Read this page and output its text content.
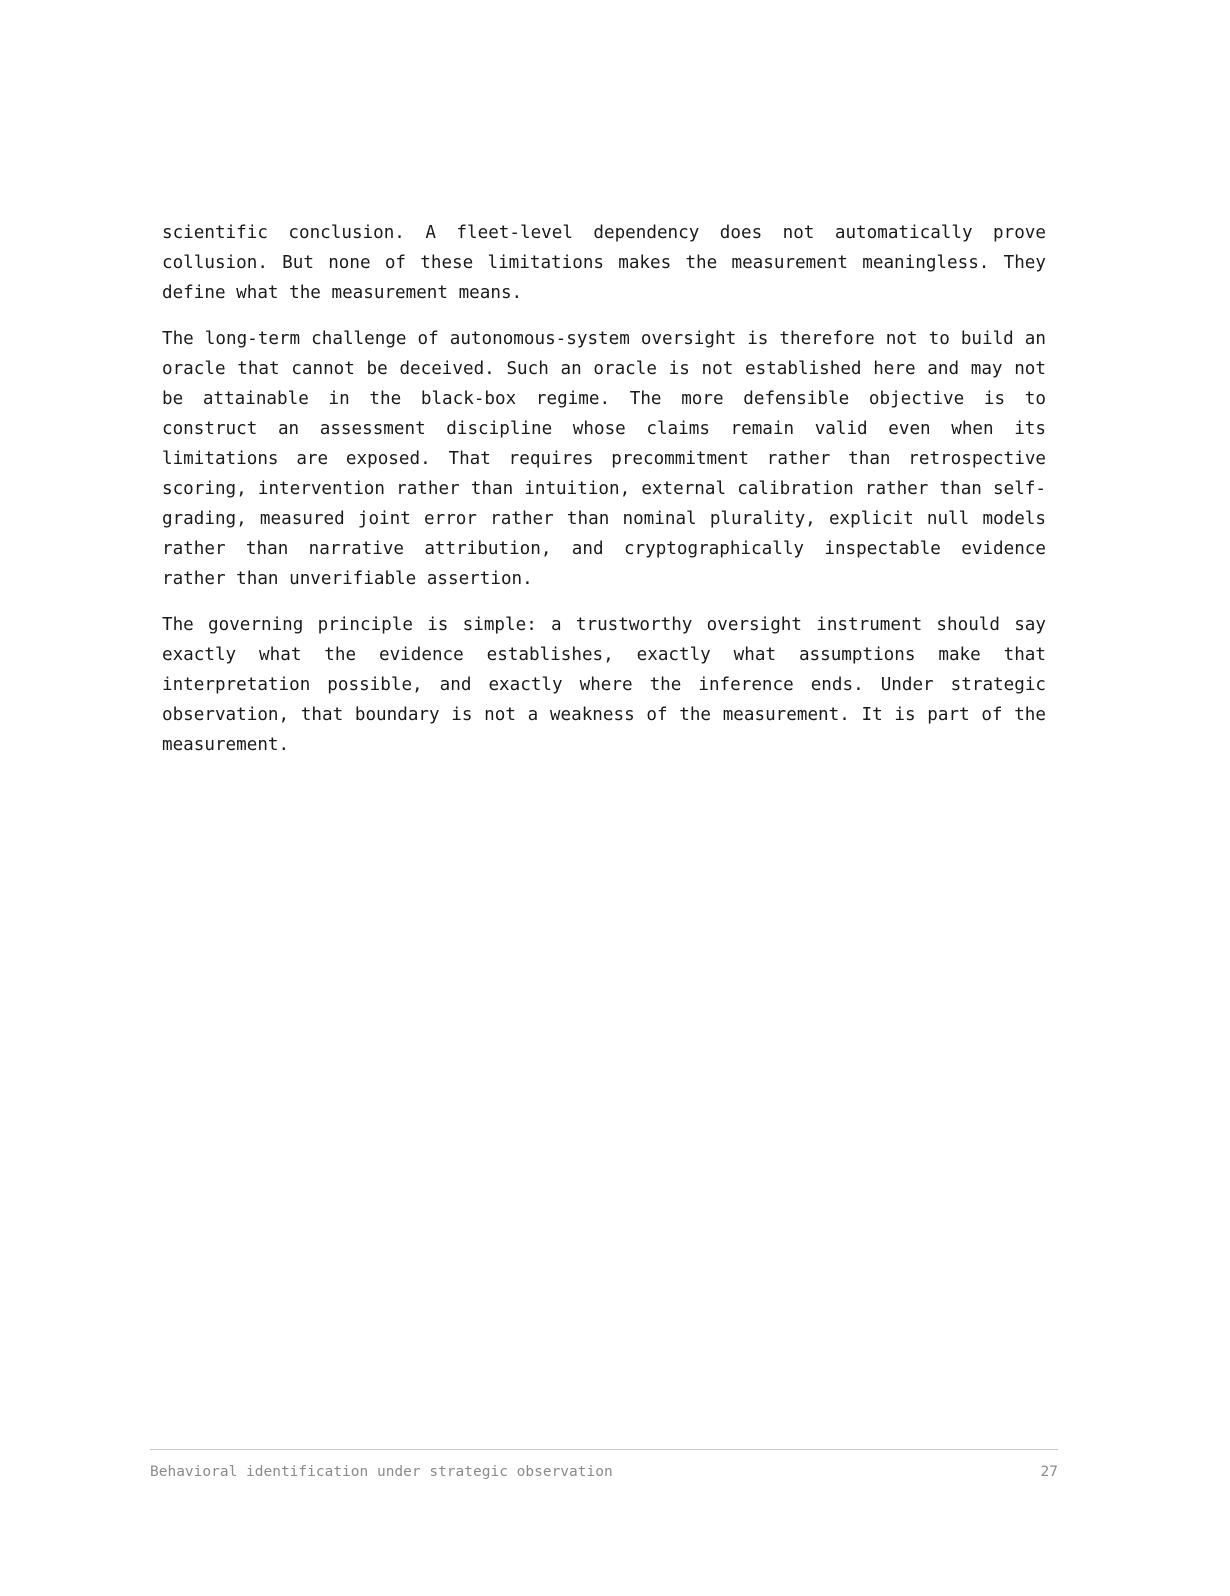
scientific conclusion. A fleet-level dependency does not automatically prove collusion. But none of these limitations makes the measurement meaningless. They define what the measurement means.

The long-term challenge of autonomous-system oversight is therefore not to build an oracle that cannot be deceived. Such an oracle is not established here and may not be attainable in the black-box regime. The more defensible objective is to construct an assessment discipline whose claims remain valid even when its limitations are exposed. That requires precommitment rather than retrospective scoring, intervention rather than intuition, external calibration rather than self-grading, measured joint error rather than nominal plurality, explicit null models rather than narrative attribution, and cryptographically inspectable evidence rather than unverifiable assertion.

The governing principle is simple: a trustworthy oversight instrument should say exactly what the evidence establishes, exactly what assumptions make that interpretation possible, and exactly where the inference ends. Under strategic observation, that boundary is not a weakness of the measurement. It is part of the measurement.

Behavioral identification under strategic observation	27
